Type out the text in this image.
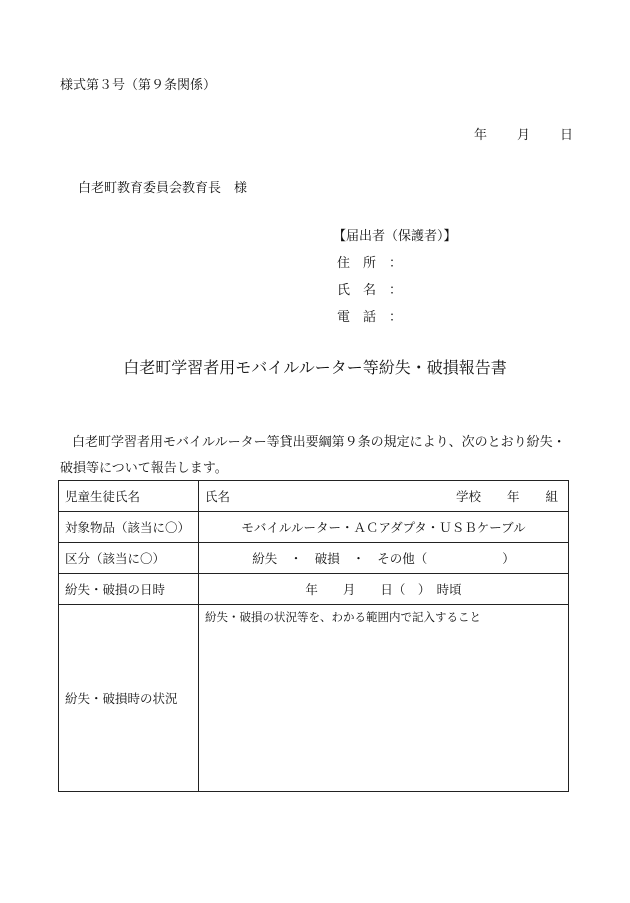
様式第３号（第９条関係）
年 月 日
白老町教育委員会教育長　様
【届出者（保護者）】
住　所　：
氏　名　：
電　話　：
白老町学習者用モバイルルーター等紛失・破損報告書
白老町学習者用モバイルルーター等貸出要綱第９条の規定により、次のとおり紛失・破損等について報告します。
児童生徒氏名	氏名 学校 年 組

対象物品（該当に〇）	モバイルルーター・ＡＣアダプタ・ＵＳＢケーブル
区分（該当に〇）	紛失　・　破損　・　その他（　　　　　　）
紛失・破損の日時	年　　月　　日（　）　時頃
紛失・破損時の状況	紛失・破損の状況等を、わかる範囲内で記入すること
